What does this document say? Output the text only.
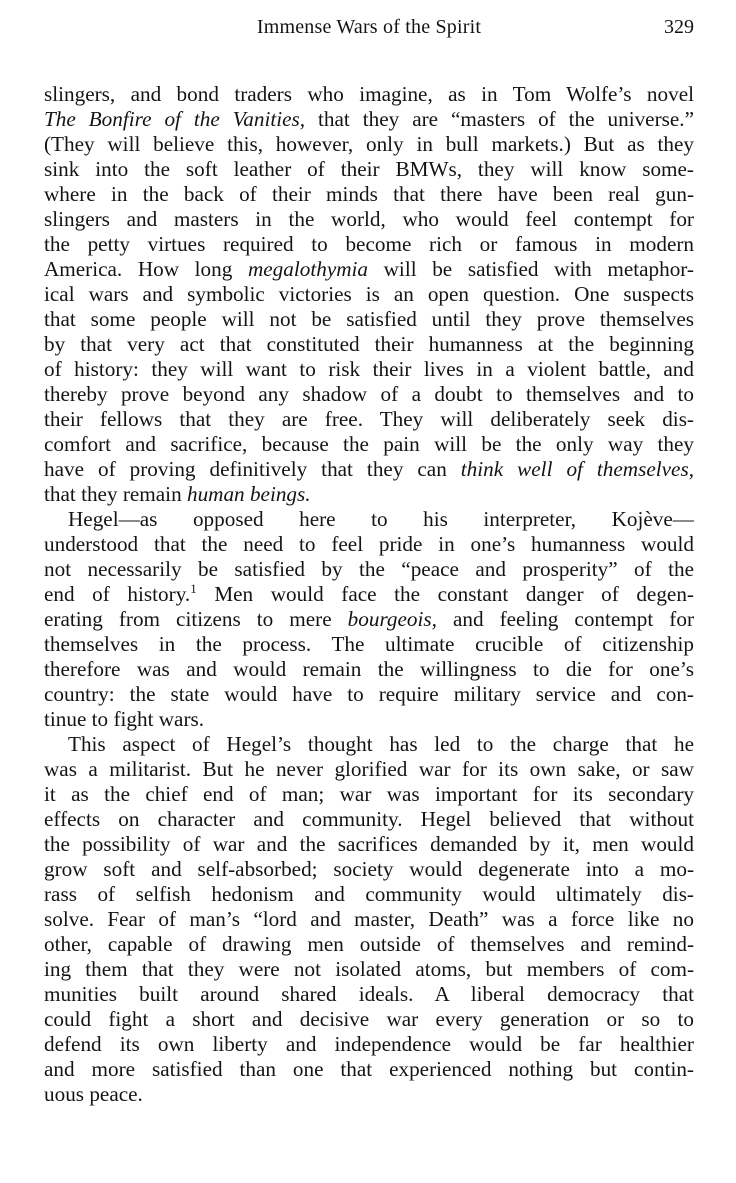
Immense Wars of the Spirit	329
slingers, and bond traders who imagine, as in Tom Wolfe’s novel
The Bonfire of the Vanities, that they are “masters of the universe.”
(They will believe this, however, only in bull markets.) But as they
sink into the soft leather of their BMWs, they will know some-
where in the back of their minds that there have been real gun-
slingers and masters in the world, who would feel contempt for
the petty virtues required to become rich or famous in modern
America. How long megalothymia will be satisfied with metaphor-
ical wars and symbolic victories is an open question. One suspects
that some people will not be satisfied until they prove themselves
by that very act that constituted their humanness at the beginning
of history: they will want to risk their lives in a violent battle, and
thereby prove beyond any shadow of a doubt to themselves and to
their fellows that they are free. They will deliberately seek dis-
comfort and sacrifice, because the pain will be the only way they
have of proving definitively that they can think well of themselves,
that they remain human beings.
Hegel—as opposed here to his interpreter, Kojève—
understood that the need to feel pride in one’s humanness would
not necessarily be satisfied by the “peace and prosperity” of the
end of history.$^1$ Men would face the constant danger of degen-
erating from citizens to mere bourgeois, and feeling contempt for
themselves in the process. The ultimate crucible of citizenship
therefore was and would remain the willingness to die for one’s
country: the state would have to require military service and con-
tinue to fight wars.
This aspect of Hegel’s thought has led to the charge that he
was a militarist. But he never glorified war for its own sake, or saw
it as the chief end of man; war was important for its secondary
effects on character and community. Hegel believed that without
the possibility of war and the sacrifices demanded by it, men would
grow soft and self-absorbed; society would degenerate into a mo-
rass of selfish hedonism and community would ultimately dis-
solve. Fear of man’s “lord and master, Death” was a force like no
other, capable of drawing men outside of themselves and remind-
ing them that they were not isolated atoms, but members of com-
munities built around shared ideals. A liberal democracy that
could fight a short and decisive war every generation or so to
defend its own liberty and independence would be far healthier
and more satisfied than one that experienced nothing but contin-
uous peace.
